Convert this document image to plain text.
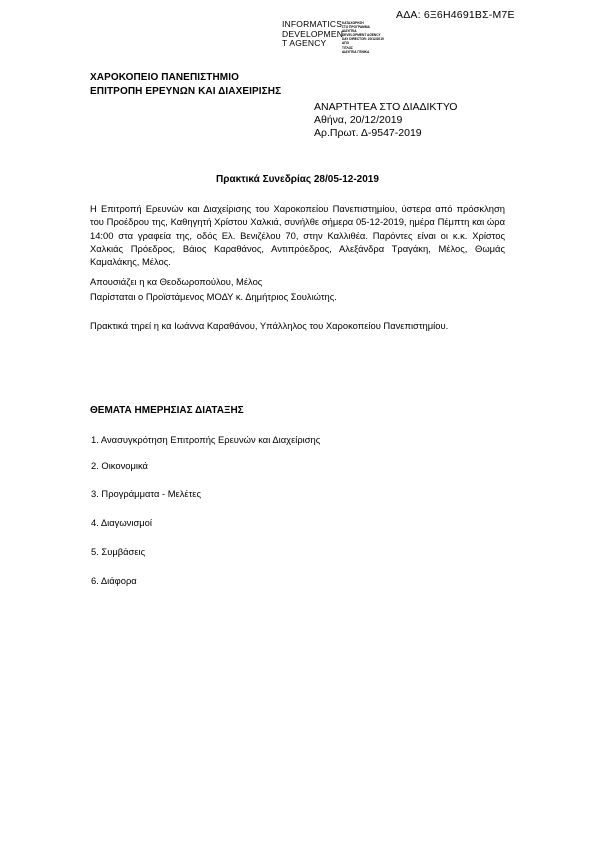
ΑΔΑ: 6Ξ6Η4691ΒΣ-Μ7Ε
INFORMATICS
DEVELOPMEN
T AGENCY
ΚΑΤΑΧΩΡΗΣΗ
ΣΤΟ ΠΡΟΓΡΑΜΜΑ
ΔΙΑΥΓΕΙΑ
DEVELOPMENT AGENCY
DAY DIRECTOR: 20/12/2019
ΑΠΟ
ΤΙΤΛΟΣ
ΔΙΑΥΓΕΙΑ ΓΕΝΙΚΑ
ΧΑΡΟΚΟΠΕΙΟ ΠΑΝΕΠΙΣΤΗΜΙΟ
ΕΠΙΤΡΟΠΗ ΕΡΕΥΝΩΝ ΚΑΙ ΔΙΑΧΕΙΡΙΣΗΣ
ΑΝΑΡΤΗΤΕΑ ΣΤΟ ΔΙΑΔΙΚΤΥΟ
Αθήνα, 20/12/2019
Αρ.Πρωτ. Δ-9547-2019
Πρακτικά Συνεδρίας 28/05-12-2019
Η Επιτροπή Ερευνών και Διαχείρισης του Χαροκοπείου Πανεπιστημίου, ύστερα από πρόσκληση του Προέδρου της, Καθηγητή Χρίστου Χαλκιά, συνήλθε σήμερα 05-12-2019, ημέρα Πέμπτη και ώρα 14:00 στα γραφεία της, οδός Ελ. Βενιζέλου 70, στην Καλλιθέα. Παρόντες είναι οι κ.κ. Χρίστος Χαλκιάς Πρόεδρος, Βάιος Καραθάνος, Αντιπρόεδρος, Αλεξάνδρα Τραγάκη, Μέλος, Θωμάς Καμαλάκης, Μέλος.
Απουσιάζει η κα Θεοδωροπούλου, Μέλος
Παρίσταται ο Προϊστάμενος ΜΟΔΥ κ. Δημήτριος Σουλιώτης.
Πρακτικά τηρεί η κα Ιωάννα Καραθάνου, Υπάλληλος του Χαροκοπείου Πανεπιστημίου.
ΘΕΜΑΤΑ ΗΜΕΡΗΣΙΑΣ ΔΙΑΤΑΞΗΣ
1. Ανασυγκρότηση Επιτροπής Ερευνών και Διαχείρισης
2. Οικονομικά
3. Προγράμματα - Μελέτες
4. Διαγωνισμοί
5. Συμβάσεις
6. Διάφορα
